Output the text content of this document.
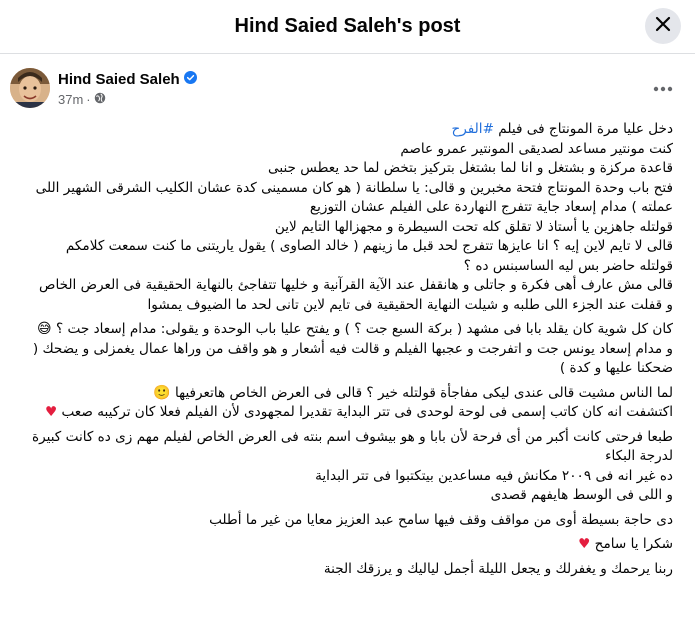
Hind Saied Saleh's post
Hind Saied Saleh
37m ·
دخل عليا مرة المونتاج فى فيلم #الفرح
كنت مونتير مساعد لصديقى المونتير عمرو عاصم
قاعدة مركزة و بشتغل و انا لما بشتغل بتركيز بتخض لما حد يعطس جنبى
فتح باب وحدة المونتاج فتحة مخبرين و قالى: يا سلطانة ( هو كان مسمينى كدة عشان الكليب الشرقى الشهير اللى عملته ) مدام إسعاد جاية تتفرج النهاردة على الفيلم عشان التوزيع
قولتله جاهزين يا أستاذ لا تقلق كله تحت السيطرة و مجهزالها التايم لاين
قالى لا تايم لاين إيه ؟ انا عايزها تتفرج لحد قبل ما زينهم ( خالد الصاوى ) يقول ياريتنى ما كنت سمعت كلامكم
قولتله حاضر بس ليه الساسبنس ده ؟
قالى مش عارف أهى فكرة و جاتلى و هانقفل عند الآية القرآنية و خليها تتفاجئ بالنهاية الحقيقية فى العرض الخاص
و قفلت عند الجزء اللى طلبه و شيلت النهاية الحقيقية فى تايم لاين تانى لحد ما الضيوف يمشوا
كان كل شوية كان يقلد بابا فى مشهد ( بركة السبع جت ؟ ) و يفتح عليا باب الوحدة و يقولى: مدام إسعاد جت ؟ 😅
و مدام إسعاد يونس جت و اتفرجت و عجبها الفيلم و قالت فيه أشعار و هو واقف من وراها عمال يغمزلى و يضحك ( ضحكنا عليها و كدة )
لما الناس مشيت قالى عندى ليكى مفاجأة قولتله خير ؟ قالى فى العرض الخاص هاتعرفيها 🙂
اكتشفت انه كان كاتب إسمى فى لوحة لوحدى فى تتر البداية تقديرا لمجهودى لأن الفيلم فعلا كان تركيبه صعب ♥
طبعا فرحتى كانت أكبر من أى فرحة لأن بابا و هو بيشوف اسم بنته فى العرض الخاص لفيلم مهم زى ده كانت كبيرة لدرجة البكاء
ده غير انه فى ٢٠٠٩ مكانش فيه مساعدين بيتكتبوا فى تتر البداية
و اللى فى الوسط هايفهم قصدى
دى حاجة بسيطة أوى من مواقف وقف فيها سامح عبد العزيز معايا من غير ما أطلب
شكرا يا سامح ♥
ربنا يرحمك و يغفرلك و يجعل الليلة أجمل لياليك و يرزقك الجنة
